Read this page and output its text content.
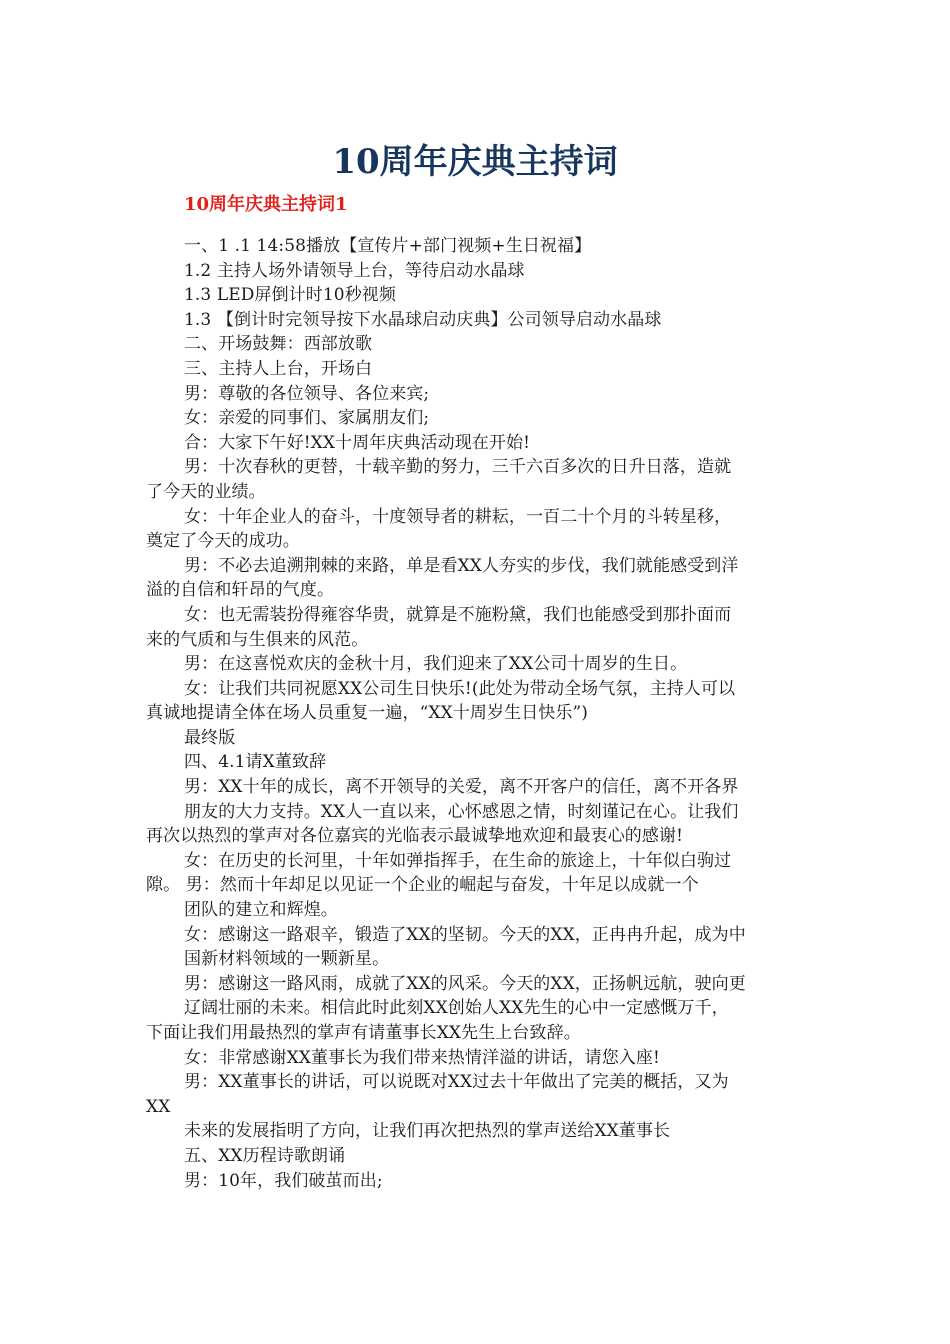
10周年庆典主持词
10周年庆典主持词1
一、1 .1 14:58播放【宣传片+部门视频+生日祝福】
1.2 主持人场外请领导上台，等待启动水晶球
1.3 LED屏倒计时10秒视频
1.3 【倒计时完领导按下水晶球启动庆典】公司领导启动水晶球
二、开场鼓舞：西部放歌
三、主持人上台，开场白
男：尊敬的各位领导、各位来宾;
女：亲爱的同事们、家属朋友们;
合：大家下午好!XX十周年庆典活动现在开始!
男：十次春秋的更替，十载辛勤的努力，三千六百多次的日升日落，造就
了今天的业绩。
女：十年企业人的奋斗，十度领导者的耕耘，一百二十个月的斗转星移，
奠定了今天的成功。
男：不必去追溯荆棘的来路，单是看XX人夯实的步伐，我们就能感受到洋
溢的自信和轩昂的气度。
女：也无需装扮得雍容华贵，就算是不施粉黛，我们也能感受到那扑面而
来的气质和与生俱来的风范。
男：在这喜悦欢庆的金秋十月，我们迎来了XX公司十周岁的生日。
女：让我们共同祝愿XX公司生日快乐!(此处为带动全场气氛，主持人可以
真诚地提请全体在场人员重复一遍，“XX十周岁生日快乐”)
最终版
四、4.1请X董致辞
男：XX十年的成长，离不开领导的关爱，离不开客户的信任，离不开各界
朋友的大力支持。XX人一直以来，心怀感恩之情，时刻谨记在心。让我们
再次以热烈的掌声对各位嘉宾的光临表示最诚挚地欢迎和最衷心的感谢!
女：在历史的长河里，十年如弹指挥手，在生命的旅途上，十年似白驹过
隙。 男：然而十年却足以见证一个企业的崛起与奋发，十年足以成就一个
团队的建立和辉煌。
女：感谢这一路艰辛，锻造了XX的坚韧。今天的XX，正冉冉升起，成为中
国新材料领域的一颗新星。
男：感谢这一路风雨，成就了XX的风采。今天的XX，正扬帆远航，驶向更
辽阔壮丽的未来。相信此时此刻XX创始人XX先生的心中一定感慨万千，
下面让我们用最热烈的掌声有请董事长XX先生上台致辞。
女：非常感谢XX董事长为我们带来热情洋溢的讲话，请您入座!
男：XX董事长的讲话，可以说既对XX过去十年做出了完美的概括，又为
XX
未来的发展指明了方向，让我们再次把热烈的掌声送给XX董事长
五、XX历程诗歌朗诵
男：10年，我们破茧而出;
